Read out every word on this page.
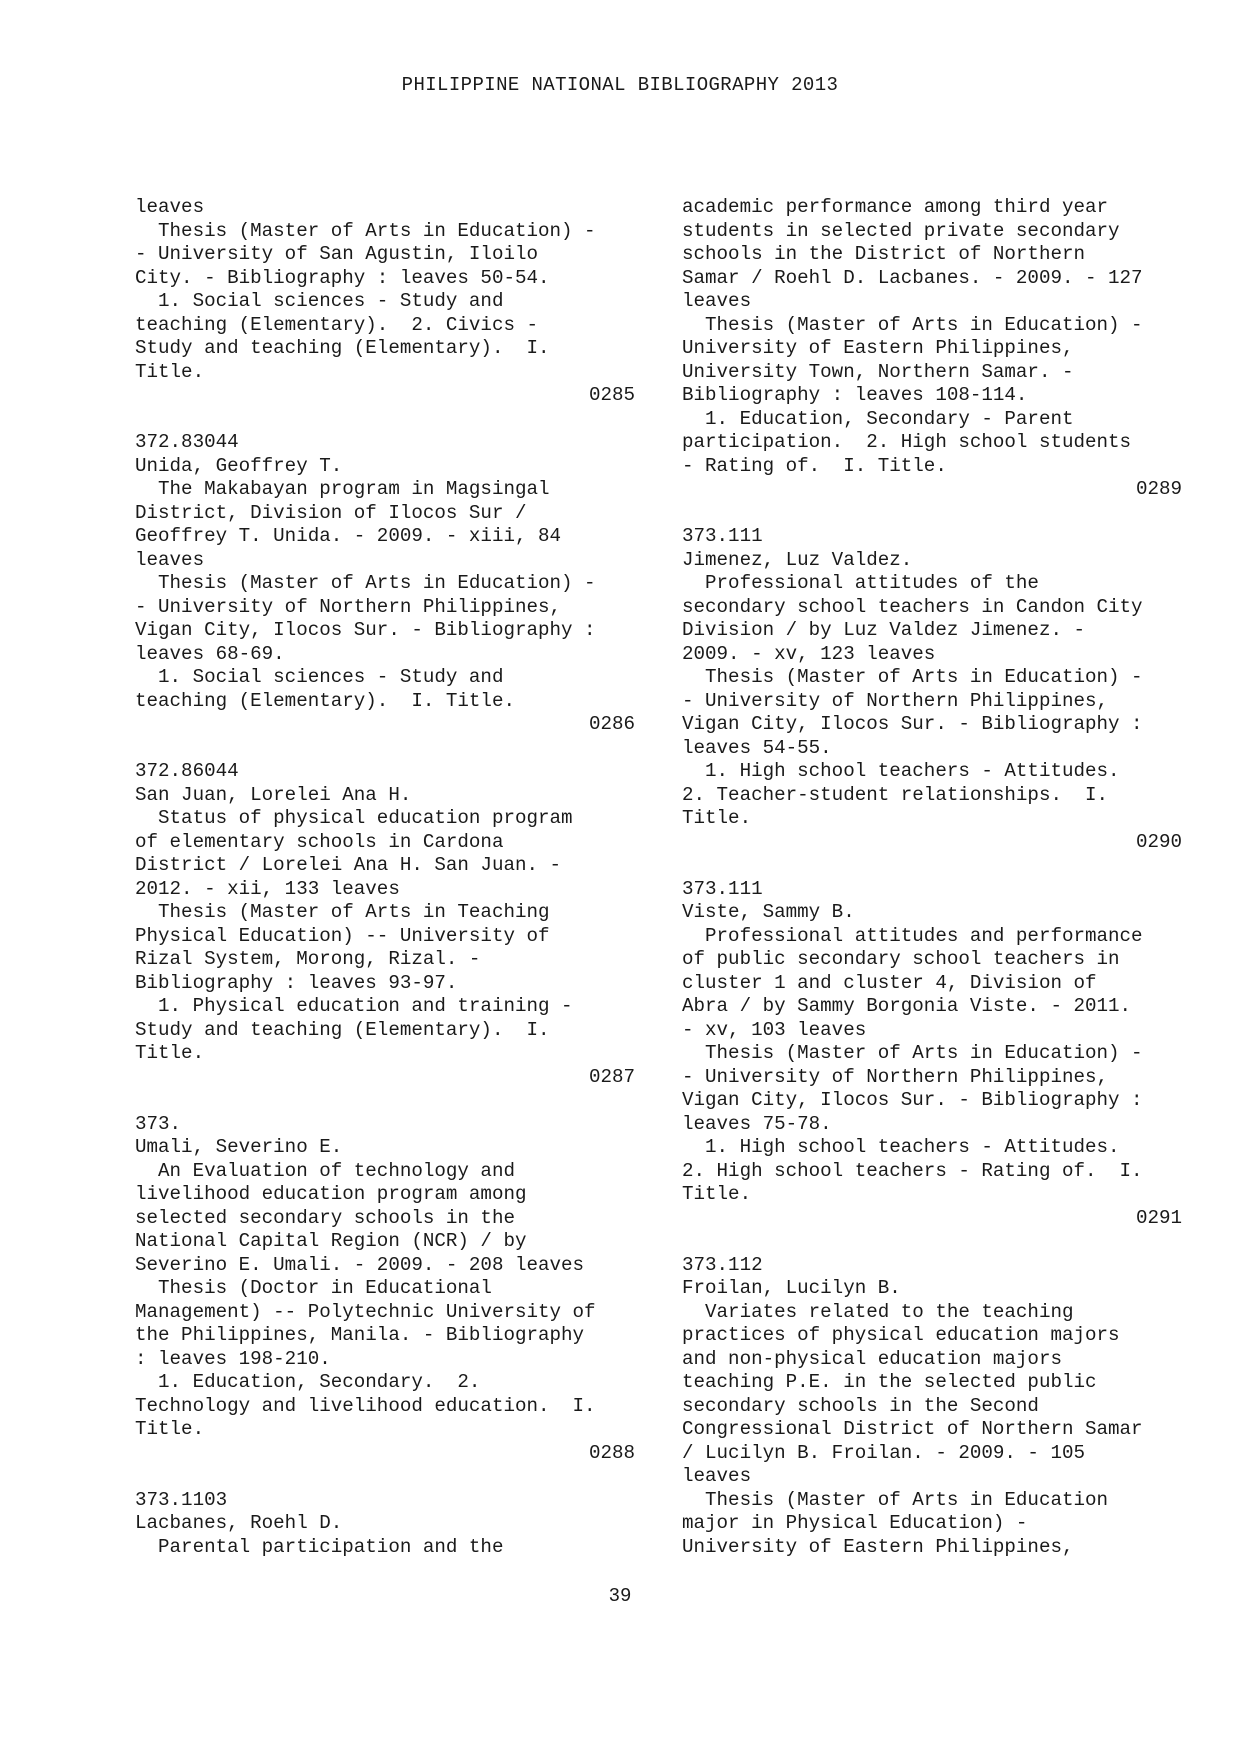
PHILIPPINE NATIONAL BIBLIOGRAPHY 2013
leaves
Thesis (Master of Arts in Education) -
- University of San Agustin, Iloilo
City. - Bibliography : leaves 50-54.
1. Social sciences - Study and
teaching (Elementary).  2. Civics -
Study and teaching (Elementary).  I.
Title.
0285
372.83044
Unida, Geoffrey T.
The Makabayan program in Magsingal
District, Division of Ilocos Sur /
Geoffrey T. Unida. - 2009. - xiii, 84
leaves
Thesis (Master of Arts in Education) -
- University of Northern Philippines,
Vigan City, Ilocos Sur. - Bibliography :
leaves 68-69.
1. Social sciences - Study and
teaching (Elementary).  I. Title.
0286
372.86044
San Juan, Lorelei Ana H.
Status of physical education program
of elementary schools in Cardona
District / Lorelei Ana H. San Juan. -
2012. - xii, 133 leaves
Thesis (Master of Arts in Teaching
Physical Education) -- University of
Rizal System, Morong, Rizal. -
Bibliography : leaves 93-97.
1. Physical education and training -
Study and teaching (Elementary).  I.
Title.
0287
373.
Umali, Severino E.
An Evaluation of technology and
livelihood education program among
selected secondary schools in the
National Capital Region (NCR) / by
Severino E. Umali. - 2009. - 208 leaves
Thesis (Doctor in Educational
Management) -- Polytechnic University of
the Philippines, Manila. - Bibliography
: leaves 198-210.
1. Education, Secondary.  2.
Technology and livelihood education.  I.
Title.
0288
373.1103
Lacbanes, Roehl D.
Parental participation and the
academic performance among third year
students in selected private secondary
schools in the District of Northern
Samar / Roehl D. Lacbanes. - 2009. - 127
leaves
Thesis (Master of Arts in Education) -
University of Eastern Philippines,
University Town, Northern Samar. -
Bibliography : leaves 108-114.
1. Education, Secondary - Parent
participation.  2. High school students
- Rating of.  I. Title.
0289
373.111
Jimenez, Luz Valdez.
Professional attitudes of the
secondary school teachers in Candon City
Division / by Luz Valdez Jimenez. -
2009. - xv, 123 leaves
Thesis (Master of Arts in Education) -
- University of Northern Philippines,
Vigan City, Ilocos Sur. - Bibliography :
leaves 54-55.
1. High school teachers - Attitudes.
2. Teacher-student relationships.  I.
Title.
0290
373.111
Viste, Sammy B.
Professional attitudes and performance
of public secondary school teachers in
cluster 1 and cluster 4, Division of
Abra / by Sammy Borgonia Viste. - 2011.
- xv, 103 leaves
Thesis (Master of Arts in Education) -
- University of Northern Philippines,
Vigan City, Ilocos Sur. - Bibliography :
leaves 75-78.
1. High school teachers - Attitudes.
2. High school teachers - Rating of.  I.
Title.
0291
373.112
Froilan, Lucilyn B.
Variates related to the teaching
practices of physical education majors
and non-physical education majors
teaching P.E. in the selected public
secondary schools in the Second
Congressional District of Northern Samar
/ Lucilyn B. Froilan. - 2009. - 105
leaves
Thesis (Master of Arts in Education
major in Physical Education) -
University of Eastern Philippines,
39
